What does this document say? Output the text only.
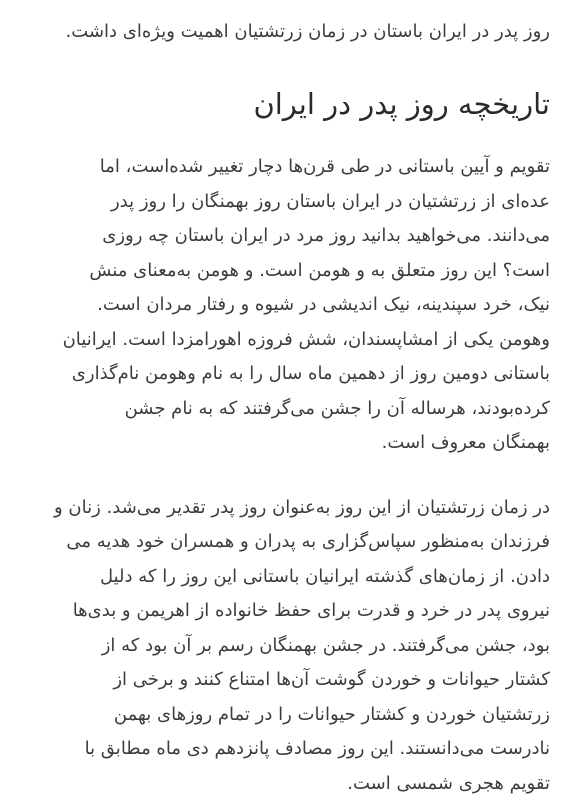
روز پدر در ایران باستان در زمان زرتشتیان اهمیت ویژه‌ای داشت.

تاریخچه روز پدر در ایران

تقویم و آیین باستانی در طی قرن‌ها دچار تغییر شده‌است، اما
عده‌ای از زرتشتیان در ایران باستان روز بهمنگان را روز پدر
می‌دانند. می‌خواهید بدانید روز مرد در ایران باستان چه روزی
است؟ این روز متعلق به و هومن است. و هومن به‌معنای منش
نیک، خرد سپندینه، نیک اندیشی در شیوه و رفتار مردان است.
وهومن یکی از امشاپسندان، شش فروزه اهورامزدا است. ایرانیان
باستانی دومین روز از دهمین ماه سال را به نام وهومن نام‌گذاری
کرده‌بودند، هرساله آن را جشن می‌گرفتند که به نام جشن
بهمنگان معروف است.

در زمان زرتشتیان از این روز به‌عنوان روز پدر تقدیر می‌شد. زنان و
فرزندان به‌منظور سپاس‌گزاری به پدران و همسران خود هدیه می
دادن. از زمان‌های گذشته ایرانیان باستانی این روز را که دلیل
نیروی پدر در خرد و قدرت برای حفظ خانواده از اهریمن و بدی‌ها
بود، جشن می‌گرفتند. در جشن بهمنگان رسم بر آن بود که از
کشتار حیوانات و خوردن گوشت آن‌ها امتناع کنند و برخی از
زرتشتیان خوردن و کشتار حیوانات را در تمام روزهای بهمن
نادرست می‌دانستند. این روز مصادف پانزدهم دی ماه مطابق با
تقویم هجری شمسی است.
